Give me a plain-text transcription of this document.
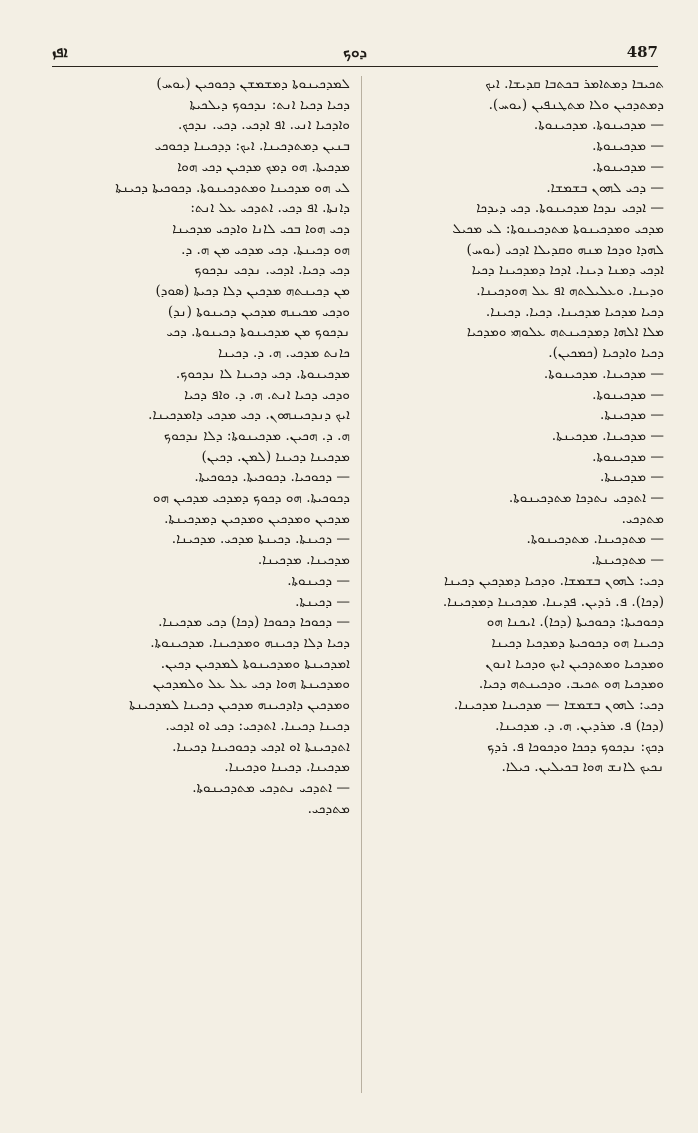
ܐܦܙ	ܕܘܟ	487
ܠܡܕܟܝܢܘܬܐ ܕܡܫܡܫܢ ܕܟܘܟܝܢ (ܝܘܚ)
ܕܟܝܐ ܕܟܝܐ ܐܢܬ: ܢܕܟܘܟ ܕܝܠܟܝܬܐ
ܘܐܕܟܝܐ ܐܢܝ. ܐܦ ܐܕܟܝ. ܕܟܝ. ܢܕܟܟ.
ܒܢܝܢ ܕܡܬܕܟܝܢܐ. ܐܝܟ: ܕܕܟܝܢܐ ܕܟܘܟܝ
ܡܕܟܝܬܐ. ܗܘ ܕܡܟ ܡܕܟܝܢ ܕܟܝ ܗܘܐ
ܠܝ ܗܘ ܡܕܟܝܢܐ ܘܡܬܕܟܝܢܘܬܐ. ܕܟܘܟܝܬܐ ܕܟܝܢܬܐ
ܕܐܢܬܐ. ܐܦ ܕܟܝ. ܐܬܕܟܝ ܥܠ ܐܢܬ:
ܕܟܝ ܗܘܐ ܒܟܝ ܠܐܢܐ ܘܐܕܟܝ ܡܕܟܝܢܐ
ܗܘ ܕܟܝܢܬܐ. ܕܟܝ ܡܕܟܝ ܡܢ ܗ. ܕ.
ܕܟܝ ܕܟܝܐ. ܐܕܟܝ. ܢܕܟܝ ܢܕܟܘܟ
ܡܢ ܕܟܝܢܬܗ ܡܕܟܝܢ ܕܠܐ ܕܟܝܬܐ (ܣܘܕ)
ܘܕܟܝ ܡܟܝܢܗ ܡܕܟܝܢ ܕܟܝܢܘܬܐ (ܢܕ)
ܢܕܟܘܟ ܡܢ ܡܕܟܝܢܘܬܐ ܕܟܝܢܘܬܐ. ܕܟܝ
ܟܐܢܬ ܡܕܟܝ. ܗ. ܕ. ܕܟܝܢܐ
ܡܕܟܝܢܘܬܐ. ܕܟܝ ܕܟܝܢܐ ܠܐ ܢܕܟܘܟ.
ܘܕܟܝ ܕܟܝܐ ܐܢܬ. ܗ. ܕ. ܘܐܦ ܕܟܝܐ
ܐܝܟ ܕܢܕܟܝܢܗܘܢ. ܕܟܝ ܡܕܟܝ ܕܐܡܕܟܝܢܐ.
ܗ. ܕ. ܗܟܝܢ. ܡܕܟܝܢܘܬܐ: ܕܠܐ ܢܕܟܘܟ
ܡܕܟܝܢܐ ܕܟܝܢܐ (ܠܡܢ. ܕܟܝܢ)
— ܕܟܘܟܝܐ. ܕܟܘܟܝܬܐ. ܕܟܘܟܝܬܐ.
ܕܟܘܟܝܬܐ. ܗܘ ܕܟܘܟ ܕܡܕܟܝ ܡܕܟܝܢ ܗܘ
ܡܕܟܝܢ ܘܡܕܟܝܢ ܘܡܕܟܝܢ ܕܡܕܟܝܢܬܐ.
— ܕܟܝܢܬܐ. ܕܟܝܢܬܐ ܡܕܟܝ. ܡܕܟܝܢܐ.
ܡܕܟܝܢܐ. ܡܕܟܝܢܐ.
— ܕܟܝܢܘܬܐ.
— ܕܟܝܢܬܐ.
— ܕܟܘܟܐ ܕܟܘܟܐ (ܕܟܐ) ܕܟܝ ܡܕܟܝܢܐ.
ܕܟܝܐ ܕܠܐ ܕܟܝܢܗ ܘܡܕܟܝܢܐ. ܡܕܟܝܢܘܬܐ.
ܐܡܕܟܝܢܬܐ ܘܡܕܟܝܢܘܬܐ ܠܡܕܟܝܢ ܕܟܝܢ.
ܘܡܕܟܝܢܬܐ ܗܘܐ ܕܟܝ ܥܠ ܥܠ ܘܠܡܕܟܝܢ
ܘܡܕܟܝܢ ܕܐܕܟܝܢܗ ܡܕܟܝܢ ܕܟܝܢܐ ܠܡܕܟܝܢܬܐ
ܕܟܝܢܐ ܕܟܝܢܐ. ܐܬܕܟܝ: ܕܟܝ ܐܘ ܐܕܟܝ.
ܐܬܕܟܝܢܬܐ ܐܘ ܐܕܟܝ ܕܟܘܟܝܢܐ ܕܟܝܢܐ.
ܡܕܟܝܢܐ. ܕܟܝܢܐ ܘܕܟܝܢܐ.
— ܐܬܕܟܝ ܢܬܕܟܝ ܡܬܕܟܝܢܘܬܐ.
ܡܬܕܟܝ.
ܬܟܝܒܐ ܕܡܬܐܡܪ ܒܟܬܒܐ ܩܕܝܫܐ. ܐܝܟ
ܕܡܬܕܟܝܢ ܘܠܐ ܡܬܛܢܦܝܢ (ܝܘܚ).
— ܡܕܟܝܢܘܬܐ. ܡܕܟܝܢܘܬܐ.
— ܡܕܟܝܢܘܬܐ.
— ܡܕܟܝܢܘܬܐ.
— ܕܟܝ ܠܗܘܢ ܒܫܡܫܐ.
— ܐܕܟܝ ܢܕܟܐ ܡܕܟܝܢܘܬܐ. ܕܟܝ ܕܝܕܟܐ
ܡܕܟܝ ܘܡܕܟܝܢܘܬܐ ܡܬܕܟܝܢܘܬܐ: ܠܝ ܡܟܝܠ
ܠܗܕܐ ܘܕܟܐ ܡܢܗ ܘܩܕܝܠܐ ܐܕܟܝ (ܝܘܚ)
ܐܕܟܝ ܕܡܢܐ ܕܝܢܐ. ܐܕܟܐ ܕܡܕܟܝܢܐ ܕܟܝܐ
ܘܕܝܢܐ. ܘܥܠܝܠܬܗ ܐܦ ܥܠ ܗܘܕܟܝܢܐ.
ܕܟܝܐ ܡܕܟܝܐ ܡܕܟܝܢܐ. ܕܟܝܐ. ܕܟܝܢܐ.
ܡܠܐ ܐܠܗܐ ܕܡܕܟܝܢܬܗ ܥܠܘܗܝ ܘܡܕܟܝܐ
ܕܟܝܐ ܘܐܕܟܝܐ (ܟܡܟܝܢ).
— ܡܕܟܝܢܐ. ܡܕܟܝܢܘܬܐ.
— ܡܕܟܝܢܘܬܐ.
— ܡܕܟܝܢܬܐ.
— ܡܕܟܝܢܐ. ܡܕܟܝܢܬܐ.
— ܡܕܟܝܢܘܬܐ.
— ܡܕܟܝܢܬܐ.
— ܐܬܕܟܝ ܢܬܕܟܐ ܡܬܕܟܝܢܘܬܐ.
ܡܬܕܟܝ.
— ܡܬܕܟܝܢܐ. ܡܬܕܟܝܢܘܬܐ.
— ܡܬܕܟܝܢܬܐ.
ܕܟܝ: ܠܗܘܢ ܒܫܡܫܐ. ܘܕܟܝܐ ܕܡܕܟܝܢ ܕܟܝܢܐ
(ܕܟܐ). ܦ. ܪܕܝܢ. ܦܕܝܢܐ. ܡܕܟܝܢܐ ܕܡܕܟܝܢܐ.
ܕܟܘܟܝܬܐ: ܕܟܘܟܝܬܐ (ܕܟܐ). ܐܝܟܢܐ ܗܘ
ܕܟܝܢܐ ܗܘ ܕܟܘܟܝܬܐ ܕܡܕܟܝܐ ܕܟܝܢܐ
ܘܡܕܟܝܐ ܘܡܬܕܟܝܢ ܐܝܟ ܘܕܟܝܐ ܐܢܘܢ
ܘܡܕܟܝܐ ܗܘ ܬܟܝܒ. ܘܕܟܝܢܬܗ ܕܟܝܐ.
ܕܟܝ: ܠܗܘܢ ܒܫܡܫܐ — ܡܕܟܝܢܐ ܡܕܟܝܢܐ.
(ܕܟܐ) ܦ. ܡܪܕܝܢ. ܗ. ܕ. ܡܕܟܝܢܐ.
ܕܟܟ: ܢܕܟܘܟ ܕܟܟܐ ܘܕܟܘܟܐ ܦ. ܪܕܟ
ܢܟܝܟ ܠܐܢܫ ܗܘܐ ܒܟܝܠܝܢ. ܟܝܠܐ.
